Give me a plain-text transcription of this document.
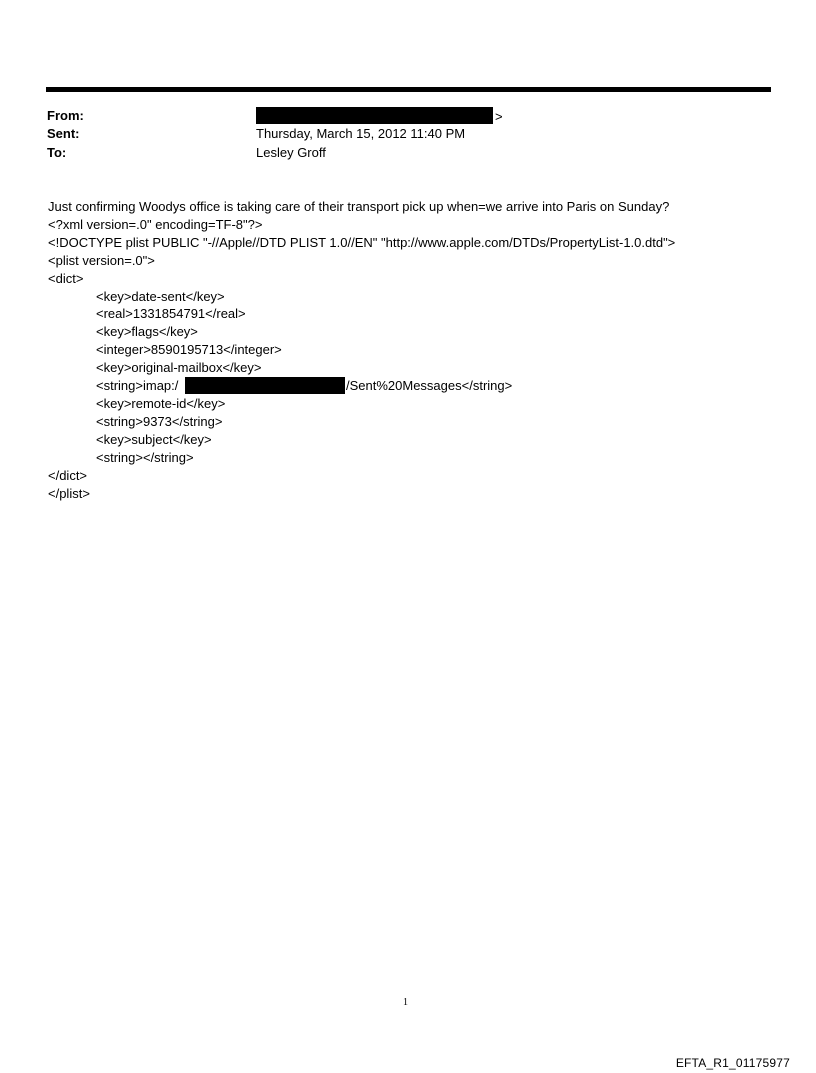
From:	>
Sent:	Thursday, March 15, 2012 11:40 PM
To:	Lesley Groff
Just confirming Woodys office is taking care of their transport pick up when=we arrive into Paris on Sunday?
<?xml version=.0" encoding=TF-8"?>
<!DOCTYPE plist PUBLIC "-//Apple//DTD PLIST 1.0//EN" "http://www.apple.com/DTDs/PropertyList-1.0.dtd">
<plist version=.0">
<dict>
<key>date-sent</key>
<real>1331854791</real>
<key>flags</key>
<integer>8590195713</integer>
<key>original-mailbox</key>
<string>imap:/	/Sent%20Messages</string>
<key>remote-id</key>
<string>9373</string>
<key>subject</key>
<string></string>
</dict>
</plist>
1
EFTA_R1_01175977
